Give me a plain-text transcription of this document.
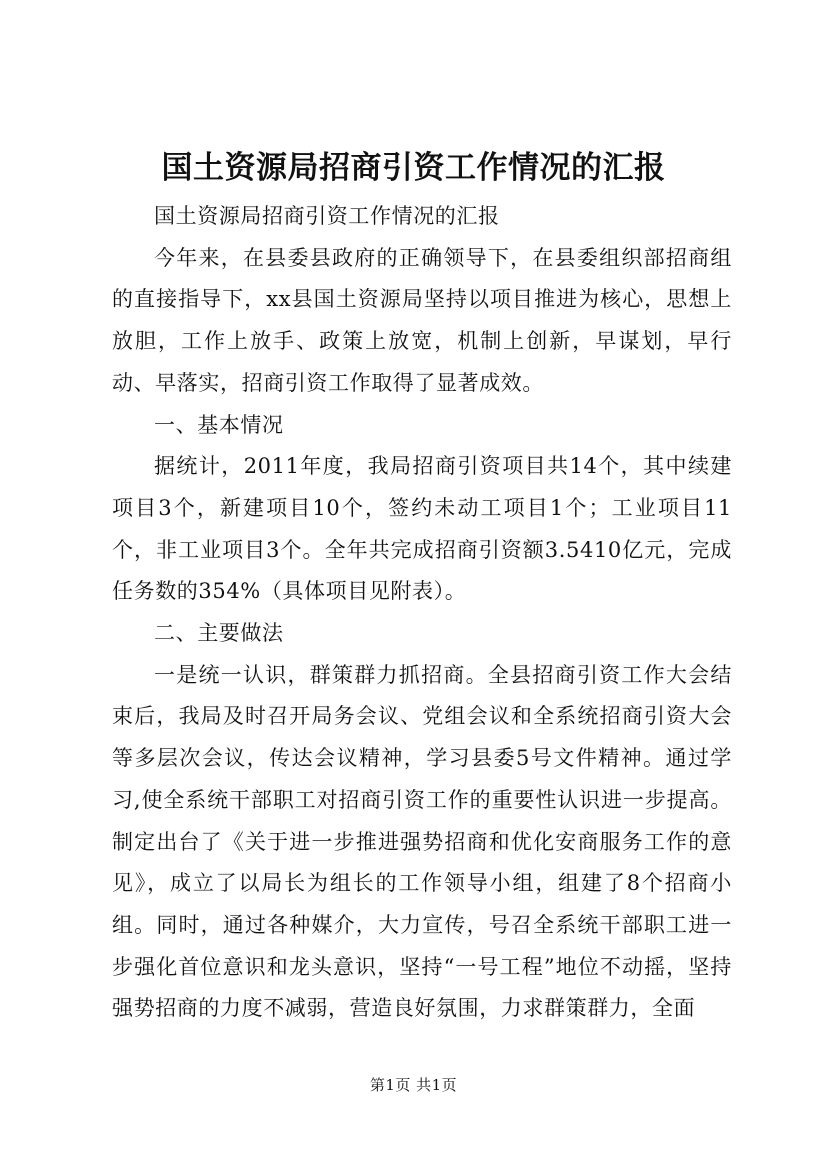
国土资源局招商引资工作情况的汇报

国土资源局招商引资工作情况的汇报

今年来，在县委县政府的正确领导下，在县委组织部招商组的直接指导下，xx县国土资源局坚持以项目推进为核心，思想上放胆，工作上放手、政策上放宽，机制上创新，早谋划，早行动、早落实，招商引资工作取得了显著成效。

一、基本情况

据统计，2011年度，我局招商引资项目共14个，其中续建项目3个，新建项目10个，签约未动工项目1个；工业项目11个，非工业项目3个。全年共完成招商引资额3.5410亿元，完成任务数的354%（具体项目见附表）。

二、主要做法

一是统一认识，群策群力抓招商。全县招商引资工作大会结束后，我局及时召开局务会议、党组会议和全系统招商引资大会等多层次会议，传达会议精神，学习县委5号文件精神。通过学习,使全系统干部职工对招商引资工作的重要性认识进一步提高。制定出台了《关于进一步推进强势招商和优化安商服务工作的意见》，成立了以局长为组长的工作领导小组，组建了8个招商小组。同时，通过各种媒介，大力宣传，号召全系统干部职工进一步强化首位意识和龙头意识，坚持“一号工程”地位不动摇，坚持强势招商的力度不减弱，营造良好氛围，力求群策群力，全面

第1页 共1页
